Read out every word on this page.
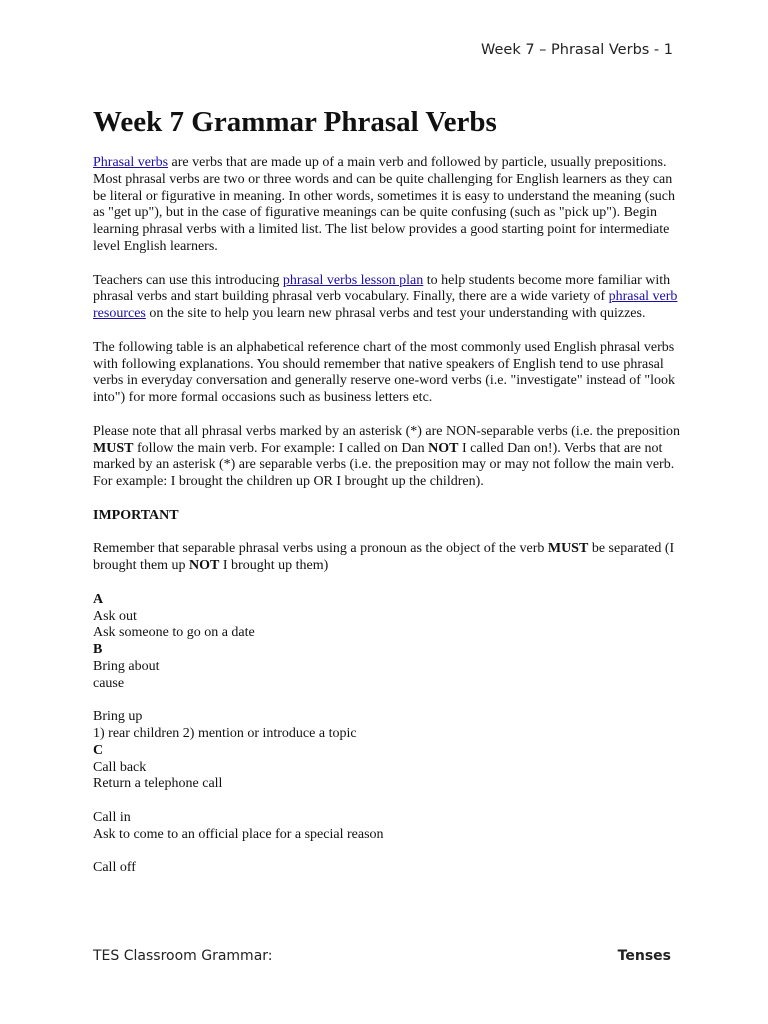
Week 7 – Phrasal Verbs - 1
Week 7 Grammar Phrasal Verbs

Phrasal verbs are verbs that are made up of a main verb and followed by particle, usually prepositions. Most phrasal verbs are two or three words and can be quite challenging for English learners as they can be literal or figurative in meaning. In other words, sometimes it is easy to understand the meaning (such as "get up"), but in the case of figurative meanings can be quite confusing (such as "pick up"). Begin learning phrasal verbs with a limited list. The list below provides a good starting point for intermediate level English learners.

Teachers can use this introducing phrasal verbs lesson plan to help students become more familiar with phrasal verbs and start building phrasal verb vocabulary. Finally, there are a wide variety of phrasal verb resources on the site to help you learn new phrasal verbs and test your understanding with quizzes.

The following table is an alphabetical reference chart of the most commonly used English phrasal verbs with following explanations. You should remember that native speakers of English tend to use phrasal verbs in everyday conversation and generally reserve one-word verbs (i.e. "investigate" instead of "look into") for more formal occasions such as business letters etc.

Please note that all phrasal verbs marked by an asterisk (*) are NON-separable verbs (i.e. the preposition MUST follow the main verb. For example: I called on Dan NOT I called Dan on!). Verbs that are not marked by an asterisk (*) are separable verbs (i.e. the preposition may or may not follow the main verb. For example: I brought the children up OR I brought up the children).

IMPORTANT

Remember that separable phrasal verbs using a pronoun as the object of the verb MUST be separated (I brought them up NOT I brought up them)

A
Ask out
Ask someone to go on a date
B
Bring about
cause
Bring up
1) rear children 2) mention or introduce a topic
C
Call back
Return a telephone call
Call in
Ask to come to an official place for a special reason
Call off
TES Classroom Grammar:	Tenses
